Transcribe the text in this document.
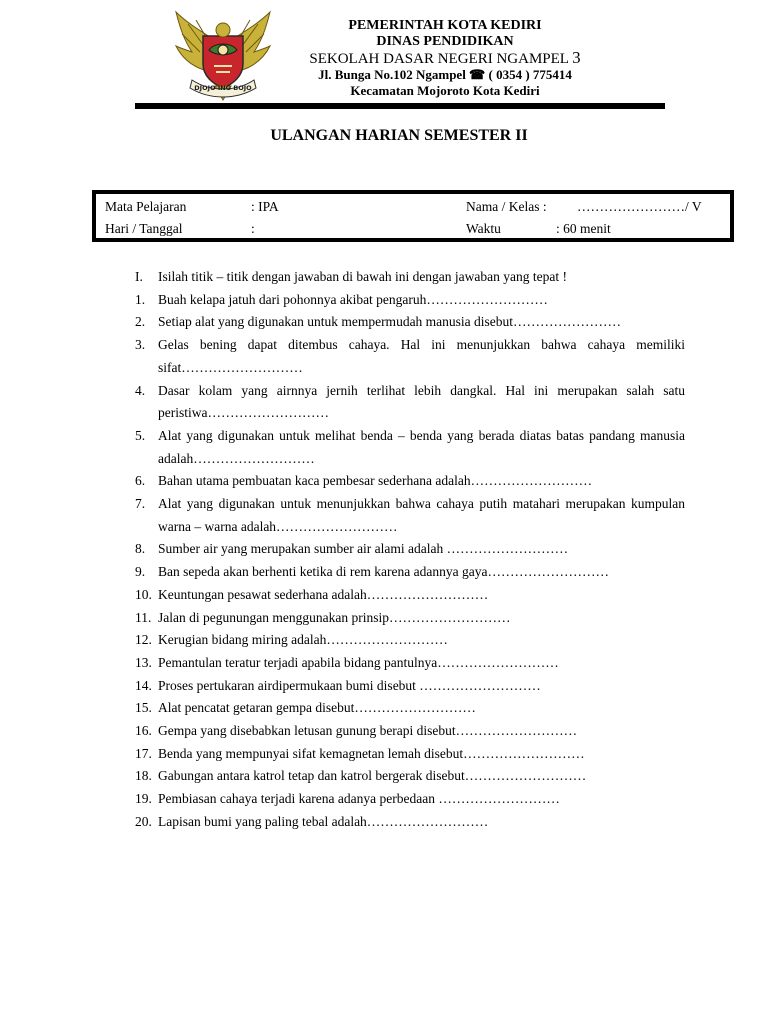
DJOJO ING BOJO
PEMERINTAH KOTA KEDIRI
DINAS PENDIDIKAN
SEKOLAH DASAR NEGERI NGAMPEL 3
Jl. Bunga No.102 Ngampel ☎ ( 0354 ) 775414
Kecamatan Mojoroto Kota Kediri
ULANGAN HARIAN SEMESTER II
Mata Pelajaran	: IPA	Nama / Kelas : ……………………/ V
Hari / Tanggal	:	Waktu	: 60 menit
I.	Isilah titik – titik dengan jawaban di bawah ini dengan jawaban yang tepat !
1. Buah kelapa jatuh dari pohonnya akibat pengaruh………………………
2. Setiap alat yang digunakan untuk mempermudah manusia disebut……………………
3. Gelas bening dapat ditembus cahaya. Hal ini menunjukkan bahwa cahaya memiliki sifat………………………
4. Dasar kolam yang airnnya jernih terlihat lebih dangkal. Hal ini merupakan salah satu peristiwa………………………
5. Alat yang digunakan untuk melihat benda – benda yang berada diatas batas pandang manusia adalah………………………
6. Bahan utama pembuatan kaca pembesar sederhana adalah………………………
7. Alat yang digunakan untuk menunjukkan bahwa cahaya putih matahari merupakan kumpulan warna – warna adalah………………………
8. Sumber air yang merupakan sumber air alami adalah ………………………
9. Ban sepeda akan berhenti ketika di rem karena adannya gaya………………………
10. Keuntungan pesawat sederhana adalah………………………
11. Jalan di pegunungan menggunakan prinsip………………………
12. Kerugian bidang miring adalah………………………
13. Pemantulan teratur terjadi apabila bidang pantulnya………………………
14. Proses pertukaran airdipermukaan bumi disebut ………………………
15. Alat pencatat getaran gempa disebut………………………
16. Gempa yang disebabkan letusan gunung berapi disebut………………………
17. Benda yang mempunyai sifat kemagnetan lemah disebut………………………
18. Gabungan antara katrol tetap dan katrol bergerak disebut………………………
19. Pembiasan cahaya terjadi karena adanya perbedaan ………………………
20. Lapisan bumi yang paling tebal adalah………………………
